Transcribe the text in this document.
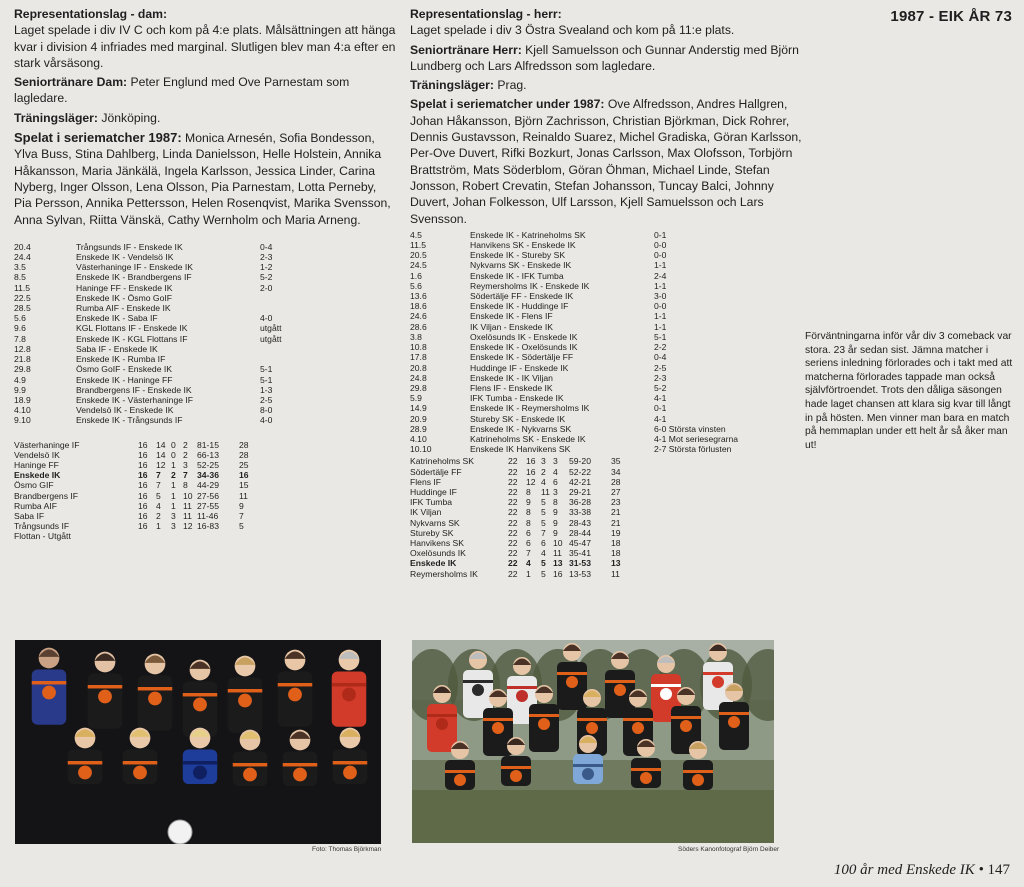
Representationslag - dam:

Laget spelade i div IV C och kom på 4:e plats. Målsättningen att hänga kvar i division 4 infriades med marginal. Slutligen blev man 4:a efter en stark vårsäsong.

Seniortränare Dam: Peter Englund med Ove Parnestam som lagledare.
Träningsläger: Jönköping.
Spelat i seriematcher 1987: Monica Arnesén, Sofia Bondesson, Ylva Buss, Stina Dahlberg, Linda Danielsson, Helle Holstein, Annika Håkansson, Maria Jänkälä, Ingela Karlsson, Jessica Linder, Carina Nyberg, Inger Olsson, Lena Olsson, Pia Parnestam, Lotta Perneby, Pia Persson, Annika Pettersson, Helen Rosenqvist, Marika Svensson, Anna Sylvan, Riitta Vänskä, Cathy Wernholm och Maria Arneng.
20.4	Trångsunds IF - Enskede IK	0-4
24.4	Enskede IK - Vendelsö IK	2-3
3.5	Västerhaninge IF - Enskede IK	1-2
8.5	Enskede IK - Brandbergens IF	5-2
11.5	Haninge FF - Enskede IK	2-0
22.5	Enskede IK - Ösmo GoIF	
28.5	Rumba AIF - Enskede IK	
5.6	Enskede IK - Saba IF	4-0
9.6	KGL Flottans IF - Enskede IK	utgått
7.8	Enskede IK - KGL Flottans IF	utgått
12.8	Saba IF - Enskede IK	
21.8	Enskede IK - Rumba IF	
29.8	Ösmo GoIF - Enskede IK	5-1
4.9	Enskede IK - Haninge FF	5-1
9.9	Brandbergens IF - Enskede IK	1-3
18.9	Enskede IK - Västerhaninge IF	2-5
4.10	Vendelsö IK - Enskede IK	8-0
9.10	Enskede IK - Trångsunds IF	4-0
Västerhaninge IF	16	14	0	2	81-15	28
Vendelsö IK	16	14	0	2	66-13	28
Haninge FF	16	12	1	3	52-25	25
Enskede IK	16	7	2	7	34-36	16
Ösmo GIF	16	7	1	8	44-29	15
Brandbergens IF	16	5	1	10	27-56	11
Rumba AIF	16	4	1	11	27-55	9
Saba IF	16	2	3	11	11-46	7
Trångsunds IF	16	1	3	12	16-83	5
Flottan - Utgått						
Foto: Thomas Björkman
Representationslag - herr:

Laget spelade i div 3 Östra Svealand och kom på 11:e plats.

Seniortränare Herr: Kjell Samuelsson och Gunnar Anderstig med Björn Lundberg och Lars Alfredsson som lagledare.
Träningsläger: Prag.
Spelat i seriematcher under 1987: Ove Alfredsson, Andres Hallgren, Johan Håkansson, Björn Zachrisson, Christian Björkman, Dick Rohrer, Dennis Gustavsson, Reinaldo Suarez, Michel Gradiska, Göran Karlsson, Per-Ove Duvert, Rifki Bozkurt, Jonas Carlsson, Max Olofsson, Torbjörn Brattström, Mats Söderblom, Göran Öhman, Michael Linde, Stefan Jonsson, Robert Crevatin, Stefan Johansson, Tuncay Balci, Johnny Duvert, Johan Folkesson, Ulf Larsson, Kjell Samuelsson och Lars Svensson.
4.5	Enskede IK - Katrineholms SK	0-1
11.5	Hanvikens SK - Enskede IK	0-0
20.5	Enskede IK - Stureby SK	0-0
24.5	Nykvarns SK - Enskede IK	1-1
1.6	Enskede IK - IFK Tumba	2-4
5.6	Reymersholms IK - Enskede IK	1-1
13.6	Södertälje FF - Enskede IK	3-0
18.6	Enskede IK - Huddinge IF	0-0
24.6	Enskede IK - Flens IF	1-1
28.6	IK Viljan - Enskede IK	1-1
3.8	Oxelösunds IK - Enskede IK	5-1
10.8	Enskede IK - Oxelösunds IK	2-2
17.8	Enskede IK - Södertälje FF	0-4
20.8	Huddinge IF - Enskede IK	2-5
24.8	Enskede IK - IK Viljan	2-3
29.8	Flens IF - Enskede IK	5-2
5.9	IFK Tumba - Enskede IK	4-1
14.9	Enskede IK - Reymersholms IK	0-1
20.9	Stureby SK - Enskede IK	4-1
28.9	Enskede IK - Nykvarns SK	6-0 Största vinsten
4.10	Katrineholms SK - Enskede IK	4-1 Mot seriesegrarna
10.10	Enskede IK Hanvikens SK	2-7 Största förlusten
Katrineholms SK	22	16	3	3	59-20	35
Södertälje FF	22	16	2	4	52-22	34
Flens IF	22	12	4	6	42-21	28
Huddinge IF	22	8	11	3	29-21	27
IFK Tumba	22	9	5	8	36-28	23
IK Viljan	22	8	5	9	33-38	21
Nykvarns SK	22	8	5	9	28-43	21
Stureby SK	22	6	7	9	28-44	19
Hanvikens SK	22	6	6	10	45-47	18
Oxelösunds IK	22	7	4	11	35-41	18
Enskede IK	22	4	5	13	31-53	13
Reymersholms IK	22	1	5	16	13-53	11
Söders Kanonfotograf Björn Deiber
1987 - EIK ÅR 73

Förväntningarna inför vår div 3 comeback var stora. 23 år sedan sist. Jämna matcher i seriens inledning förlorades och i takt med att matcherna förlorades tappade man också självförtroendet. Trots den dåliga säsongen hade laget chansen att klara sig kvar till långt in på hösten. Men vinner man bara en match på hemmaplan under ett helt år så åker man ut!

100 år med Enskede IK • 147
